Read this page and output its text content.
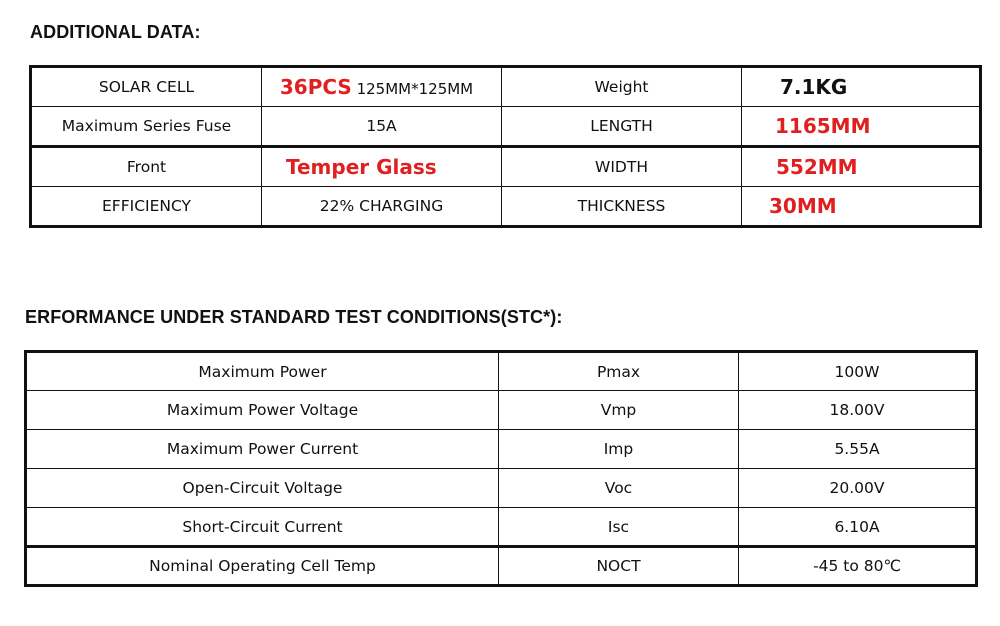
ADDITIONAL DATA:
SOLAR CELL	36PCS 125MM*125MM	Weight	7.1KG
Maximum Series Fuse	15A	LENGTH	1165MM
Front	Temper Glass	WIDTH	552MM
EFFICIENCY	22% CHARGING	THICKNESS	30MM
ERFORMANCE UNDER STANDARD TEST CONDITIONS(STC*):
Maximum Power	Pmax	100W
Maximum Power Voltage	Vmp	18.00V
Maximum Power Current	Imp	5.55A
Open-Circuit Voltage	Voc	20.00V
Short-Circuit Current	Isc	6.10A
Nominal Operating Cell Temp	NOCT	-45 to 80℃
